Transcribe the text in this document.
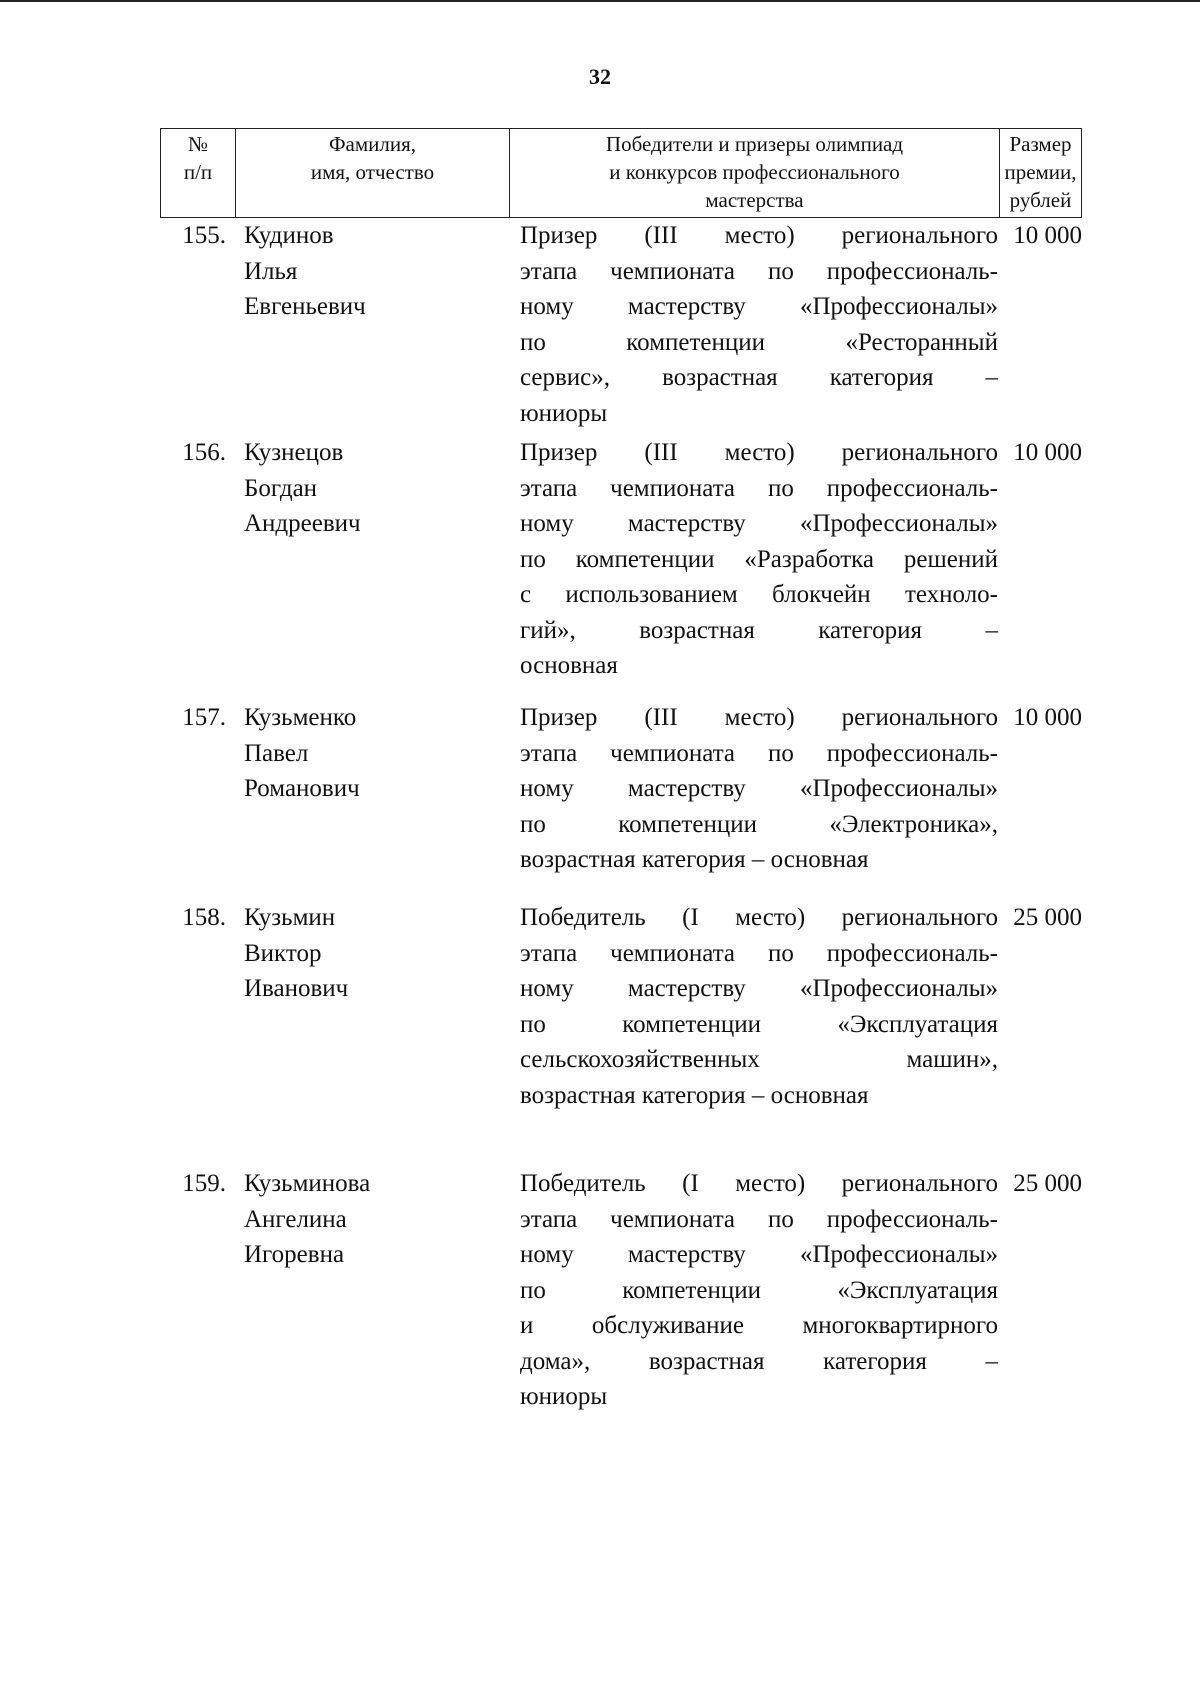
32
№
п/п
Фамилия,
имя, отчество
Победители и призеры олимпиад
и конкурсов профессионального
мастерства
Размер
премии,
рублей
155. Кудинов
Илья
Евгеньевич
Призер (III место) регионального
этапа чемпионата по профессиональ-
ному мастерству «Профессионалы»
по компетенции «Ресторанный
сервис», возрастная категория –
юниоры
10 000
156. Кузнецов
Богдан
Андреевич
Призер (III место) регионального
этапа чемпионата по профессиональ-
ному мастерству «Профессионалы»
по компетенции «Разработка решений
с использованием блокчейн техноло-
гий», возрастная категория –
основная
10 000
157. Кузьменко
Павел
Романович
Призер (III место) регионального
этапа чемпионата по профессиональ-
ному мастерству «Профессионалы»
по компетенции «Электроника»,
возрастная категория – основная
10 000
158. Кузьмин
Виктор
Иванович
Победитель (I место) регионального
этапа чемпионата по профессиональ-
ному мастерству «Профессионалы»
по компетенции «Эксплуатация
сельскохозяйственных машин»,
возрастная категория – основная
25 000
159. Кузьминова
Ангелина
Игоревна
Победитель (I место) регионального
этапа чемпионата по профессиональ-
ному мастерству «Профессионалы»
по компетенции «Эксплуатация
и обслуживание многоквартирного
дома», возрастная категория –
юниоры
25 000
